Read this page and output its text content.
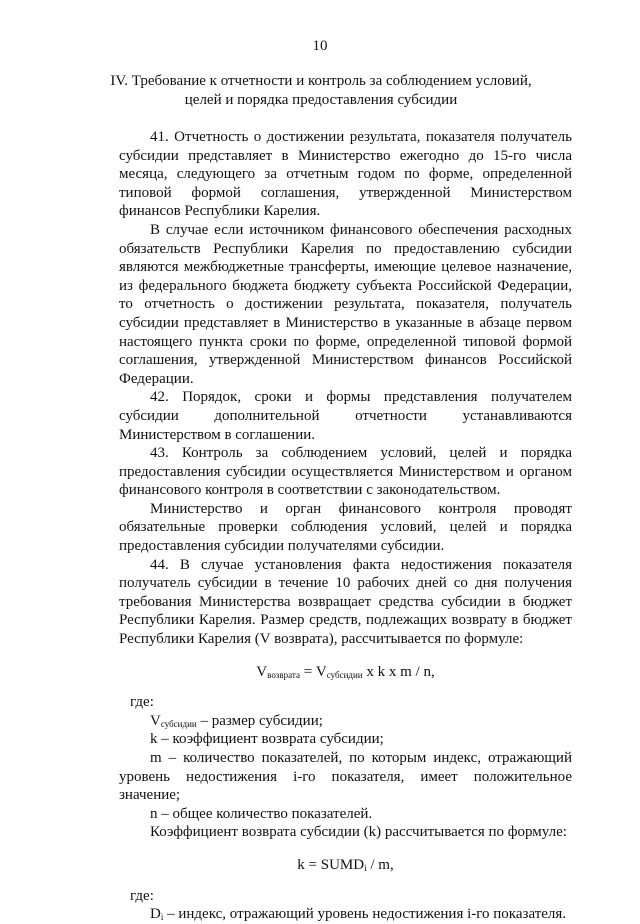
10
IV. Требование к отчетности и контроль за соблюдением условий,
целей и порядка предоставления субсидии

41. Отчетность о достижении результата, показателя получатель субсидии представляет в Министерство ежегодно до 15-го числа месяца, следующего за отчетным годом по форме, определенной типовой формой соглашения, утвержденной Министерством финансов Республики Карелия.

В случае если источником финансового обеспечения расходных обязательств Республики Карелия по предоставлению субсидии являются межбюджетные трансферты, имеющие целевое назначение, из федерального бюджета бюджету субъекта Российской Федерации, то отчетность о достижении результата, показателя, получатель субсидии представляет в Министерство в указанные в абзаце первом настоящего пункта сроки по форме, определенной типовой формой соглашения, утвержденной Министерством финансов Российской Федерации.

42. Порядок, сроки и формы представления получателем субсидии дополнительной отчетности устанавливаются Министерством в соглашении.

43. Контроль за соблюдением условий, целей и порядка предоставления субсидии осуществляется Министерством и органом финансового контроля в соответствии с законодательством.

Министерство и орган финансового контроля проводят обязательные проверки соблюдения условий, целей и порядка предоставления субсидии получателями субсидии.

44. В случае установления факта недостижения показателя получатель субсидии в течение 10 рабочих дней со дня получения требования Министерства возвращает средства субсидии в бюджет Республики Карелия. Размер средств, подлежащих возврату в бюджет Республики Карелия (V возврата), рассчитывается по формуле:

$V_{возврата} = V_{субсидии}$ x k x m / n,

где:

$V_{субсидии}$ – размер субсидии;

k – коэффициент возврата субсидии;

m – количество показателей, по которым индекс, отражающий уровень недостижения i-го показателя, имеет положительное значение;

n – общее количество показателей.

Коэффициент возврата субсидии (k) рассчитывается по формуле:

$k = SUMD_i / m$,

где:

$D_i$ – индекс, отражающий уровень недостижения i-го показателя.
